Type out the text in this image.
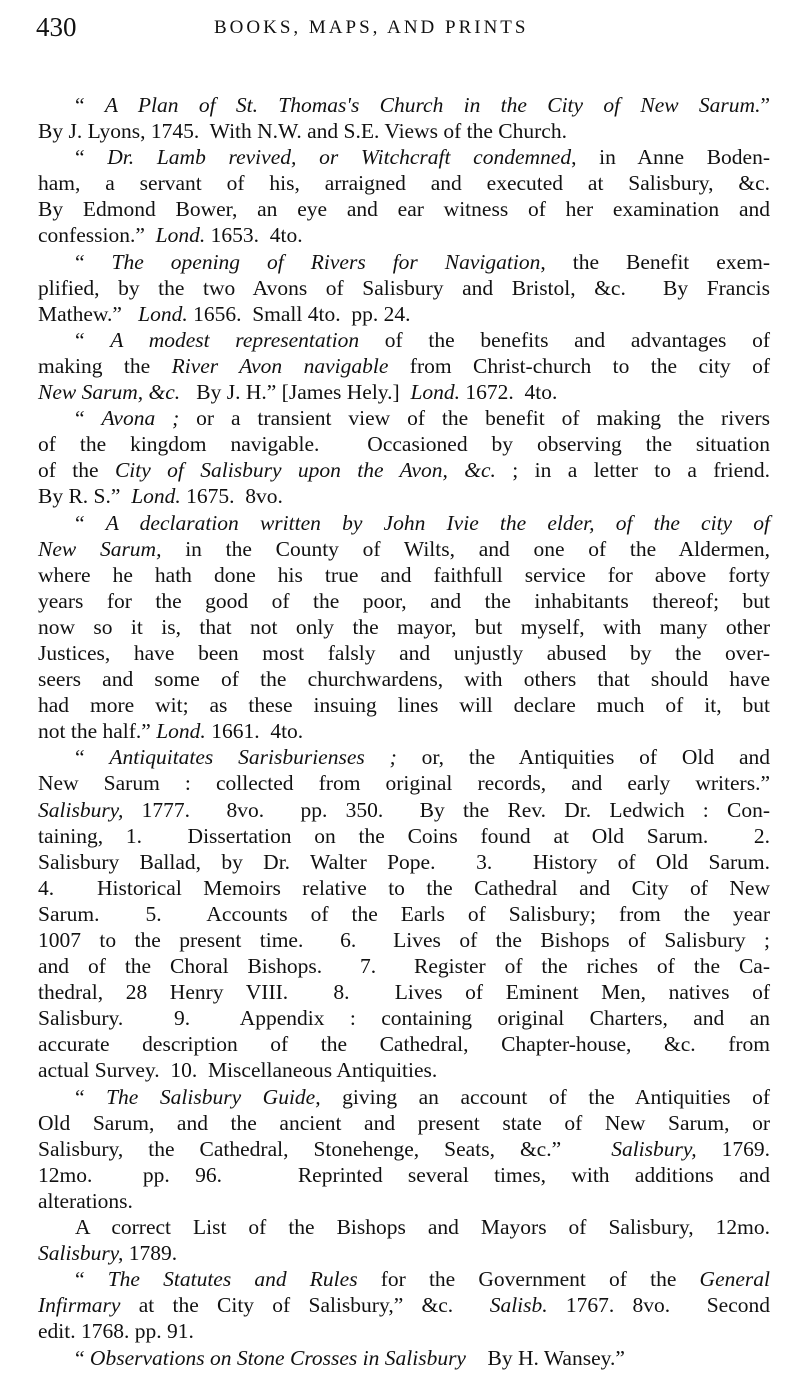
430	BOOKS, MAPS, AND PRINTS
“ A Plan of St. Thomas's Church in the City of New Sarum.”
By J. Lyons, 1745.  With N.W. and S.E. Views of the Church.
“ Dr. Lamb revived, or Witchcraft condemned, in Anne Boden-
ham, a servant of his, arraigned and executed at Salisbury, &c.
By Edmond Bower, an eye and ear witness of her examination and
confession.”  Lond. 1653.  4to.
“ The opening of Rivers for Navigation, the Benefit exem-
plified, by the two Avons of Salisbury and Bristol, &c.  By Francis
Mathew.”   Lond. 1656.  Small 4to.  pp. 24.
“ A modest representation of the benefits and advantages of
making the River Avon navigable from Christ-church to the city of
New Sarum, &c.   By J. H.” [James Hely.]  Lond. 1672.  4to.
“ Avona ; or a transient view of the benefit of making the rivers
of the kingdom navigable.  Occasioned by observing the situation
of the City of Salisbury upon the Avon, &c. ; in a letter to a friend.
By R. S.”  Lond. 1675.  8vo.
“ A declaration written by John Ivie the elder, of the city of
New Sarum, in the County of Wilts, and one of the Aldermen,
where he hath done his true and faithfull service for above forty
years for the good of the poor, and the inhabitants thereof; but
now so it is, that not only the mayor, but myself, with many other
Justices, have been most falsly and unjustly abused by the over-
seers and some of the churchwardens, with others that should have
had more wit; as these insuing lines will declare much of it, but
not the half.” Lond. 1661.  4to.
“ Antiquitates Sarisburienses ; or, the Antiquities of Old and
New Sarum : collected from original records, and early writers.”
Salisbury, 1777.  8vo.  pp. 350.  By the Rev. Dr. Ledwich : Con-
taining, 1.  Dissertation on the Coins found at Old Sarum.  2.
Salisbury Ballad, by Dr. Walter Pope.  3.  History of Old Sarum.
4.  Historical Memoirs relative to the Cathedral and City of New
Sarum.  5.  Accounts of the Earls of Salisbury; from the year
1007 to the present time.  6.  Lives of the Bishops of Salisbury ;
and of the Choral Bishops.  7.  Register of the riches of the Ca-
thedral, 28 Henry VIII.  8.  Lives of Eminent Men, natives of
Salisbury.  9.  Appendix : containing original Charters, and an
accurate description of the Cathedral, Chapter-house, &c. from
actual Survey.  10.  Miscellaneous Antiquities.
“ The Salisbury Guide, giving an account of the Antiquities of
Old Sarum, and the ancient and present state of New Sarum, or
Salisbury, the Cathedral, Stonehenge, Seats, &c.”  Salisbury, 1769.
12mo.  pp. 96.   Reprinted several times, with additions and
alterations.
A correct List of the Bishops and Mayors of Salisbury, 12mo.
Salisbury, 1789.
“ The Statutes and Rules for the Government of the General
Infirmary at the City of Salisbury,” &c.  Salisb. 1767. 8vo.  Second
edit. 1768. pp. 91.
“ Observations on Stone Crosses in Salisbury    By H. Wansey.”
